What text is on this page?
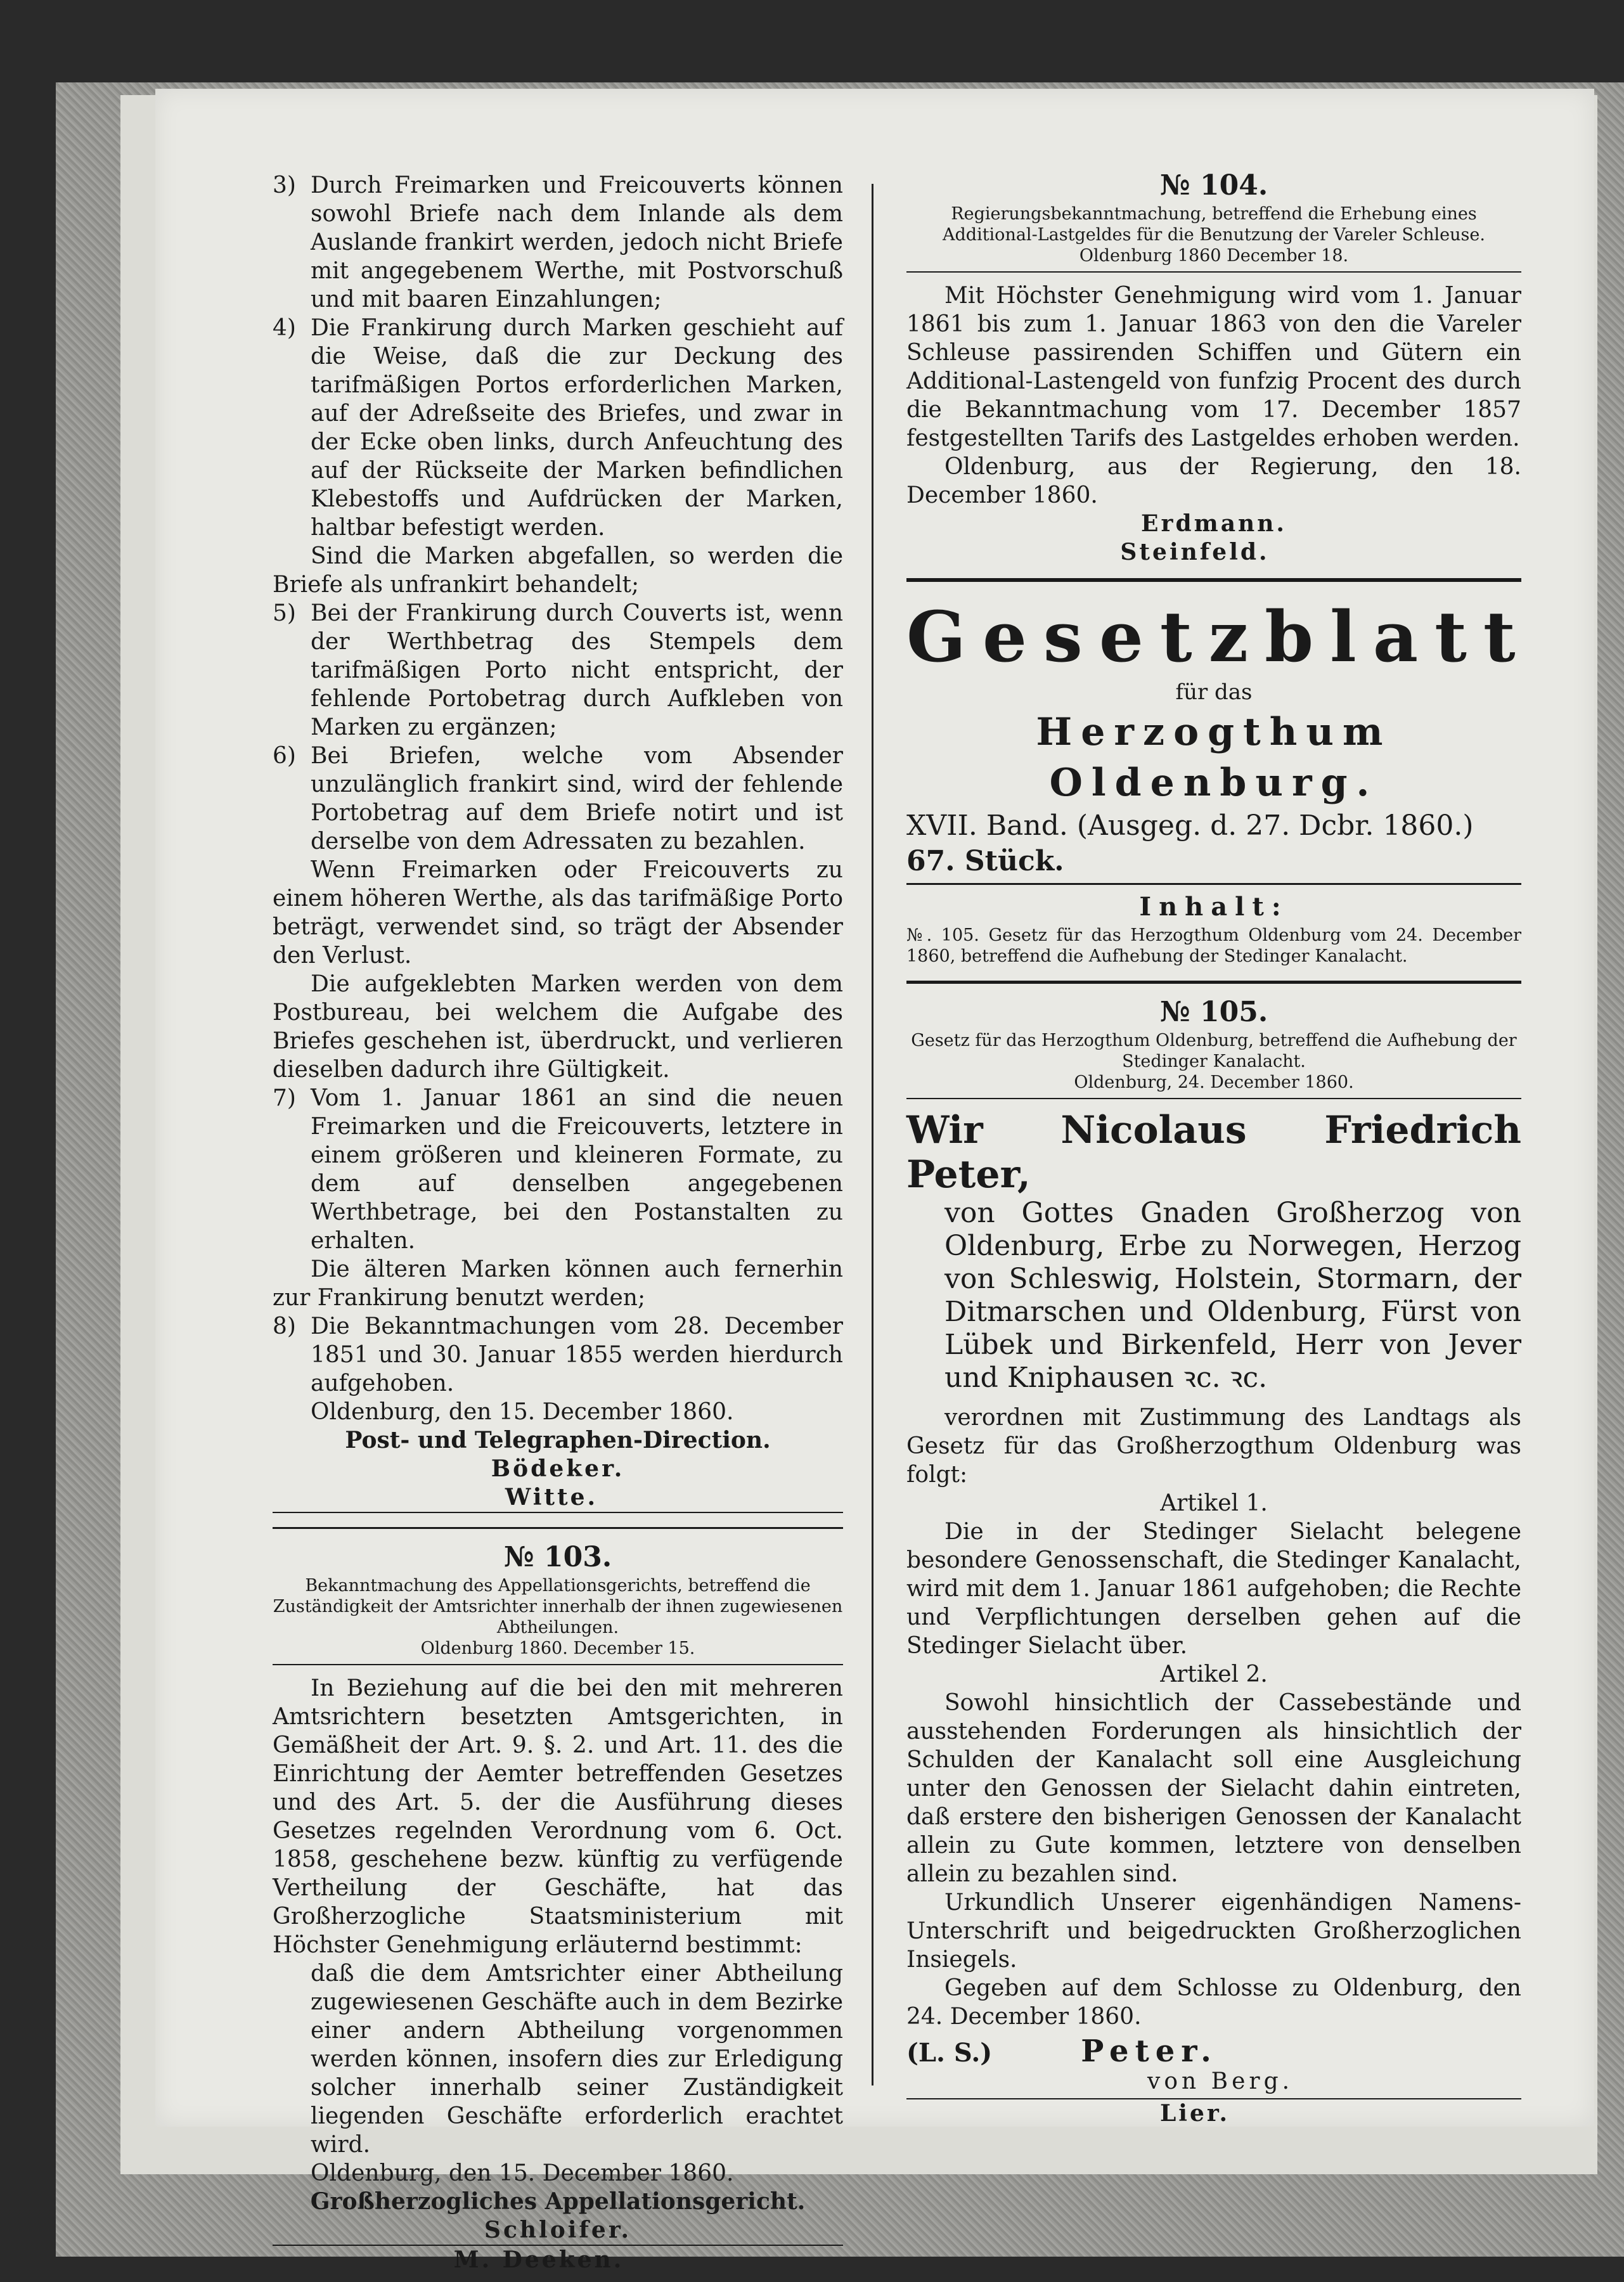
3) Durch Freimarken und Freicouverts können sowohl Briefe nach dem Inlande als dem Auslande frankirt werden, jedoch nicht Briefe mit angegebenem Werthe, mit Postvorschuß und mit baaren Einzahlungen;

4) Die Frankirung durch Marken geschieht auf die Weise, daß die zur Deckung des tarifmäßigen Portos erforderlichen Marken, auf der Adreßseite des Briefes, und zwar in der Ecke oben links, durch Anfeuchtung des auf der Rückseite der Marken befindlichen Klebestoffs und Aufdrücken der Marken, haltbar befestigt werden.

Sind die Marken abgefallen, so werden die Briefe als unfrankirt behandelt;

5) Bei der Frankirung durch Couverts ist, wenn der Werthbetrag des Stempels dem tarifmäßigen Porto nicht entspricht, der fehlende Portobetrag durch Aufkleben von Marken zu ergänzen;

6) Bei Briefen, welche vom Absender unzulänglich frankirt sind, wird der fehlende Portobetrag auf dem Briefe notirt und ist derselbe von dem Adressaten zu bezahlen.

Wenn Freimarken oder Freicouverts zu einem höheren Werthe, als das tarifmäßige Porto beträgt, verwendet sind, so trägt der Absender den Verlust.

Die aufgeklebten Marken werden von dem Postbureau, bei welchem die Aufgabe des Briefes geschehen ist, überdruckt, und verlieren dieselben dadurch ihre Gültigkeit.

7) Vom 1. Januar 1861 an sind die neuen Freimarken und die Freicouverts, letztere in einem größeren und kleineren Formate, zu dem auf denselben angegebenen Werthbetrage, bei den Postanstalten zu erhalten.

Die älteren Marken können auch fernerhin zur Frankirung benutzt werden;

8) Die Bekanntmachungen vom 28. December 1851 und 30. Januar 1855 werden hierdurch aufgehoben.

Oldenburg, den 15. December 1860.

Post- und Telegraphen-Direction.

Bödeker.

Witte.

№ 103.

Bekanntmachung des Appellationsgerichts, betreffend die Zuständigkeit der Amtsrichter innerhalb der ihnen zugewiesenen Abtheilungen.

Oldenburg 1860. December 15.

In Beziehung auf die bei den mit mehreren Amtsrichtern besetzten Amtsgerichten, in Gemäßheit der Art. 9. §. 2. und Art. 11. des die Einrichtung der Aemter betreffenden Gesetzes und des Art. 5. der die Ausführung dieses Gesetzes regelnden Verordnung vom 6. Oct. 1858, geschehene bezw. künftig zu verfügende Vertheilung der Geschäfte, hat das Großherzogliche Staatsministerium mit Höchster Genehmigung erläuternd bestimmt:

daß die dem Amtsrichter einer Abtheilung zugewiesenen Geschäfte auch in dem Bezirke einer andern Abtheilung vorgenommen werden können, insofern dies zur Erledigung solcher innerhalb seiner Zuständigkeit liegenden Geschäfte erforderlich erachtet wird.

Oldenburg, den 15. December 1860.

Großherzogliches Appellationsgericht.

Schloifer.

M. Deeken.

№ 104.

Regierungsbekanntmachung, betreffend die Erhebung eines Additional-Lastgeldes für die Benutzung der Vareler Schleuse.

Oldenburg 1860 December 18.

Mit Höchster Genehmigung wird vom 1. Januar 1861 bis zum 1. Januar 1863 von den die Vareler Schleuse passirenden Schiffen und Gütern ein Additional-Lastengeld von funfzig Procent des durch die Bekanntmachung vom 17. December 1857 festgestellten Tarifs des Lastgeldes erhoben werden.

Oldenburg, aus der Regierung, den 18. December 1860.

Erdmann.

Steinfeld.

Gesetzblatt
für das
Herzogthum Oldenburg.
XVII. Band. (Ausgeg. d. 27. Dcbr. 1860.) 67. Stück.
Inhalt:

№. 105. Gesetz für das Herzogthum Oldenburg vom 24. December 1860, betreffend die Aufhebung der Stedinger Kanalacht.

№ 105.

Gesetz für das Herzogthum Oldenburg, betreffend die Aufhebung der Stedinger Kanalacht.

Oldenburg, 24. December 1860.

Wir Nicolaus Friedrich Peter,

von Gottes Gnaden Großherzog von Oldenburg, Erbe zu Norwegen, Herzog von Schleswig, Holstein, Stormarn, der Ditmarschen und Oldenburg, Fürst von Lübek und Birkenfeld, Herr von Jever und Kniphausen ꝛc. ꝛc.

verordnen mit Zustimmung des Landtags als Gesetz für das Großherzogthum Oldenburg was folgt:

Artikel 1.

Die in der Stedinger Sielacht belegene besondere Genossenschaft, die Stedinger Kanalacht, wird mit dem 1. Januar 1861 aufgehoben; die Rechte und Verpflichtungen derselben gehen auf die Stedinger Sielacht über.

Artikel 2.

Sowohl hinsichtlich der Cassebestände und ausstehenden Forderungen als hinsichtlich der Schulden der Kanalacht soll eine Ausgleichung unter den Genossen der Sielacht dahin eintreten, daß erstere den bisherigen Genossen der Kanalacht allein zu Gute kommen, letztere von denselben allein zu bezahlen sind.

Urkundlich Unserer eigenhändigen Namens-Unterschrift und beigedruckten Großherzoglichen Insiegels.

Gegeben auf dem Schlosse zu Oldenburg, den 24. December 1860.

(L. S.)	Peter.

von Berg.

Lier.
